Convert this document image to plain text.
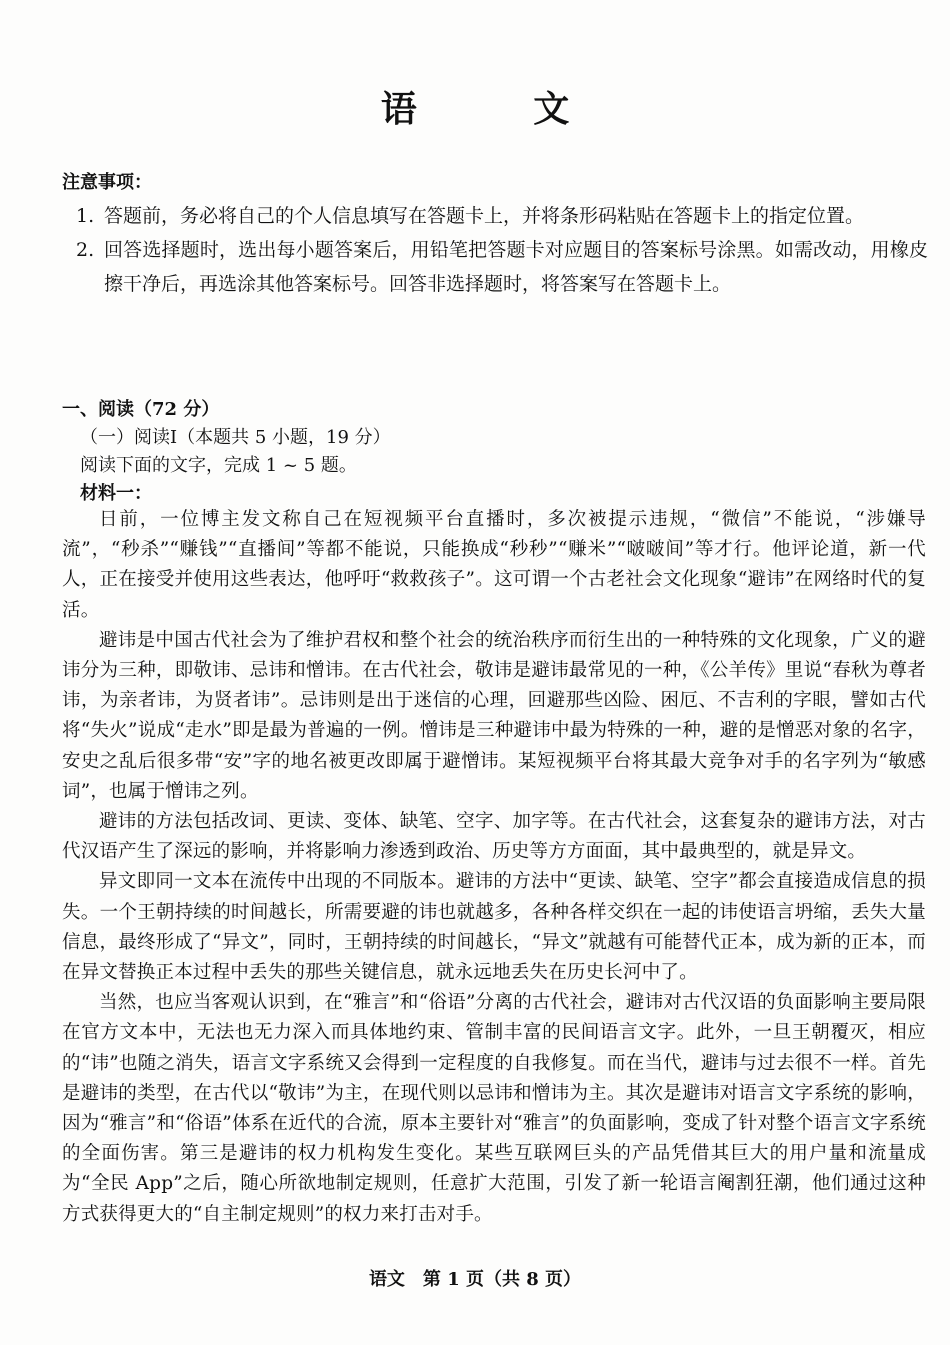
语 文
注意事项：
1. 答题前，务必将自己的个人信息填写在答题卡上，并将条形码粘贴在答题卡上的指定位置。
2. 回答选择题时，选出每小题答案后，用铅笔把答题卡对应题目的答案标号涂黑。如需改动，用橡皮擦干净后，再选涂其他答案标号。回答非选择题时，将答案写在答题卡上。
一、阅读（72 分）
（一）阅读Ⅰ（本题共 5 小题，19 分）
阅读下面的文字，完成 1 ~ 5 题。
材料一：

日前，一位博主发文称自己在短视频平台直播时，多次被提示违规，“微信”不能说，“涉嫌导流”，“秒杀”“赚钱”“直播间”等都不能说，只能换成“秒秒”“赚米”“啵啵间”等才行。他评论道，新一代人，正在接受并使用这些表达，他呼吁“救救孩子”。这可谓一个古老社会文化现象“避讳”在网络时代的复活。

避讳是中国古代社会为了维护君权和整个社会的统治秩序而衍生出的一种特殊的文化现象，广义的避讳分为三种，即敬讳、忌讳和憎讳。在古代社会，敬讳是避讳最常见的一种，《公羊传》里说“春秋为尊者讳，为亲者讳，为贤者讳”。忌讳则是出于迷信的心理，回避那些凶险、困厄、不吉利的字眼，譬如古代将“失火”说成“走水”即是最为普遍的一例。憎讳是三种避讳中最为特殊的一种，避的是憎恶对象的名字，安史之乱后很多带“安”字的地名被更改即属于避憎讳。某短视频平台将其最大竞争对手的名字列为“敏感词”，也属于憎讳之列。

避讳的方法包括改词、更读、变体、缺笔、空字、加字等。在古代社会，这套复杂的避讳方法，对古代汉语产生了深远的影响，并将影响力渗透到政治、历史等方方面面，其中最典型的，就是异文。

异文即同一文本在流传中出现的不同版本。避讳的方法中“更读、缺笔、空字”都会直接造成信息的损失。一个王朝持续的时间越长，所需要避的讳也就越多，各种各样交织在一起的讳使语言坍缩，丢失大量信息，最终形成了“异文”，同时，王朝持续的时间越长，“异文”就越有可能替代正本，成为新的正本，而在异文替换正本过程中丢失的那些关键信息，就永远地丢失在历史长河中了。

当然，也应当客观认识到，在“雅言”和“俗语”分离的古代社会，避讳对古代汉语的负面影响主要局限在官方文本中，无法也无力深入而具体地约束、管制丰富的民间语言文字。此外，一旦王朝覆灭，相应的“讳”也随之消失，语言文字系统又会得到一定程度的自我修复。而在当代，避讳与过去很不一样。首先是避讳的类型，在古代以“敬讳”为主，在现代则以忌讳和憎讳为主。其次是避讳对语言文字系统的影响，因为“雅言”和“俗语”体系在近代的合流，原本主要针对“雅言”的负面影响，变成了针对整个语言文字系统的全面伤害。第三是避讳的权力机构发生变化。某些互联网巨头的产品凭借其巨大的用户量和流量成为“全民 App”之后，随心所欲地制定规则，任意扩大范围，引发了新一轮语言阉割狂潮，他们通过这种方式获得更大的“自主制定规则”的权力来打击对手。

语文　第 1 页（共 8 页）
